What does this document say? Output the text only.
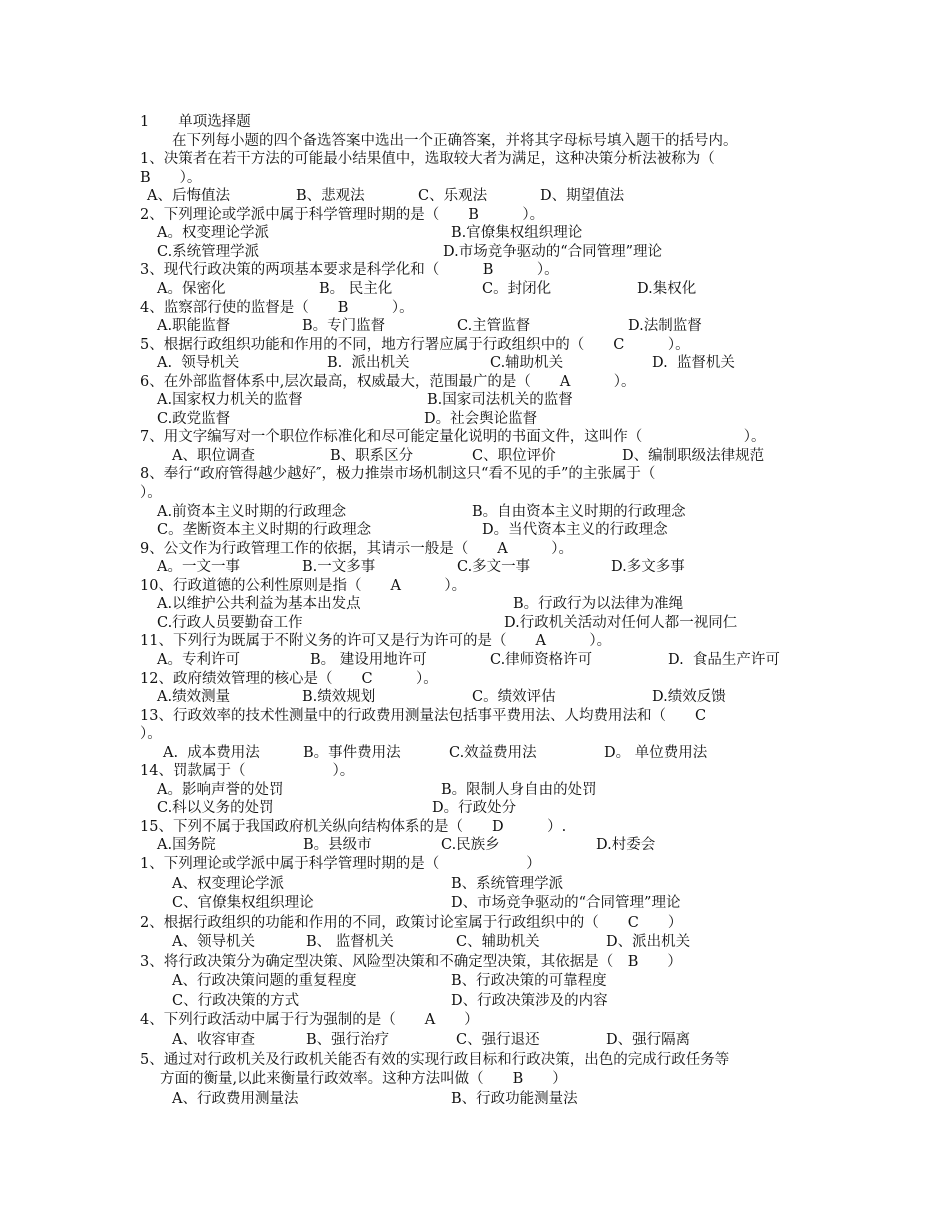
1　　单项选择题
在下列每小题的四个备选答案中选出一个正确答案，并将其字母标号填入题干的括号内。
1、决策者在若干方法的可能最小结果值中，选取较大者为满足，这种决策分析法被称为（
B　　）。
A、后悔值法	B、悲观法	C、乐观法	D、期望值法
2、下列理论或学派中属于科学管理时期的是（　　B　　　）。
A。权变理论学派	B.官僚集权组织理论
C.系统管理学派	D.市场竞争驱动的“合同管理”理论
3、现代行政决策的两项基本要求是科学化和（　　　B　　　）。
A。保密化	B。 民主化	C。封闭化	D.集权化
4、监察部行使的监督是（　　B　　　）。
A.职能监督	B。专门监督	C.主管监督	D.法制监督
5、根据行政组织功能和作用的不同，地方行署应属于行政组织中的（　　C　　　）。
A.  领导机关	B.  派出机关	C.辅助机关	D.  监督机关
6、在外部监督体系中,层次最高，权威最大，范围最广的是（　　A　　　）。
A.国家权力机关的监督	B.国家司法机关的监督
C.政党监督	D。社会舆论监督
7、用文字编写对一个职位作标准化和尽可能定量化说明的书面文件，这叫作（　　　　　　　）。
A、职位调查	B、职系区分	C、职位评价	D、编制职级法律规范
8、奉行“政府管得越少越好″，极力推崇市场机制这只“看不见的手”的主张属于（
）。
A.前资本主义时期的行政理念	B。自由资本主义时期的行政理念
C。垄断资本主义时期的行政理念	D。当代资本主义的行政理念
9、公文作为行政管理工作的依据，其请示一般是（　　A　　　）。
A。一文一事	B.一文多事	C.多文一事	D.多文多事
10、行政道德的公利性原则是指（　　A　　　）。
A.以维护公共利益为基本出发点	B。行政行为以法律为准绳
C.行政人员要勤奋工作	D.行政机关活动对任何人都一视同仁
11、下列行为既属于不附义务的许可又是行为许可的是（　　A　　　）。
A。专利许可	B。 建设用地许可	C.律师资格许可	D.  食品生产许可
12、政府绩效管理的核心是（　　C　　　）。
A.绩效测量	B.绩效规划	C。绩效评估	D.绩效反馈
13、行政效率的技术性测量中的行政费用测量法包括事平费用法、人均费用法和（　　C
）。
A.  成本费用法	B。事件费用法	C.效益费用法	D。 单位费用法
14、罚款属于（　　　　　　）。
A。影响声誉的处罚	B。限制人身自由的处罚
C.科以义务的处罚	D。行政处分
15、下列不属于我国政府机关纵向结构体系的是（　　D　　　）.
A.国务院	B。县级市	C.民族乡	D.村委会
1、下列理论或学派中属于科学管理时期的是（　　　　　　）
A、权变理论学派	B、系统管理学派
C、官僚集权组织理论	D、市场竞争驱动的“合同管理”理论
2、根据行政组织的功能和作用的不同，政策讨论室属于行政组织中的（　　C　　）
A、领导机关	B、 监督机关	C、辅助机关	D、派出机关
3、将行政决策分为确定型决策、风险型决策和不确定型决策，其依据是（　B　　）
A、行政决策问题的重复程度	B、行政决策的可靠程度
C、行政决策的方式	D、行政决策涉及的内容
4、下列行政活动中属于行为强制的是（　　A　　）
A、收容审查	B、强行治疗	C、强行退还	D、强行隔离
5、通过对行政机关及行政机关能否有效的实现行政目标和行政决策，出色的完成行政任务等
方面的衡量,以此来衡量行政效率。这种方法叫做（　　B　　）
A、行政费用测量法	B、行政功能测量法
